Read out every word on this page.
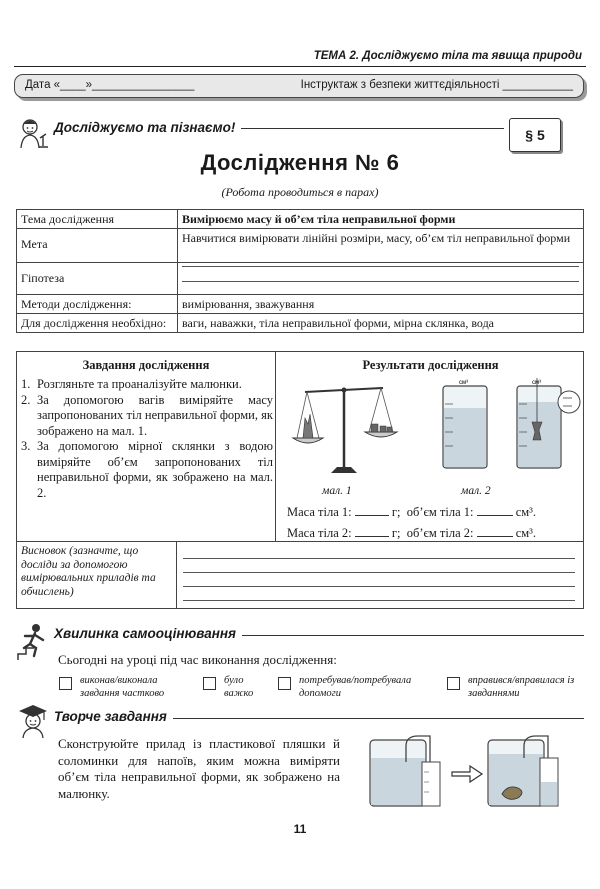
ТЕМА 2. Досліджуємо тіла та явища природи
Дата «____»________________	Інструктаж з безпеки життєдіяльності ___________
Досліджуємо та пізнаємо!	§ 5
Дослідження № 6
(Робота проводиться в парах)
Тема дослідження	Вимірюємо масу й об’єм тіла неправильної форми
Мета	Навчитися вимірювати лінійні розміри, масу, об’єм тіл неправильної форми
Гіпотеза	

Методи дослідження:	вимірювання, зважування
Для дослідження необхідно:	ваги, наважки, тіла неправильної форми, мірна склянка, вода
Завдання дослідження
1. Розгляньте та проаналізуйте малюнки.
2. За допомогою вагів виміряйте масу запропонованих тіл неправильної форми, як зображено на мал. 1.
3. За допомогою мірної склянки з водою виміряйте об’єм запропонованих тіл неправильної форми, як зображено на мал. 2.
Результати дослідження
см³	см³
мал. 1	мал. 2
Маса тіла 1:	г; об’єм тіла 1:	см³.
Маса тіла 2:	г; об’єм тіла 2:	см³.
Висновок (зазначте, що досліди за допомогою вимірювальних приладів та обчислень)
Хвилинка самооцінювання
Сьогодні на уроці під час виконання дослідження:
виконав/виконала завдання частково
було важко
потребував/потребувала допомоги
вправився/вправилася із завданнями
Творче завдання
Сконструюйте прилад із пластикової пляшки й соломинки для напоїв, яким можна виміряти об’єм тіла неправильної форми, як зображено на малюнку.
11
